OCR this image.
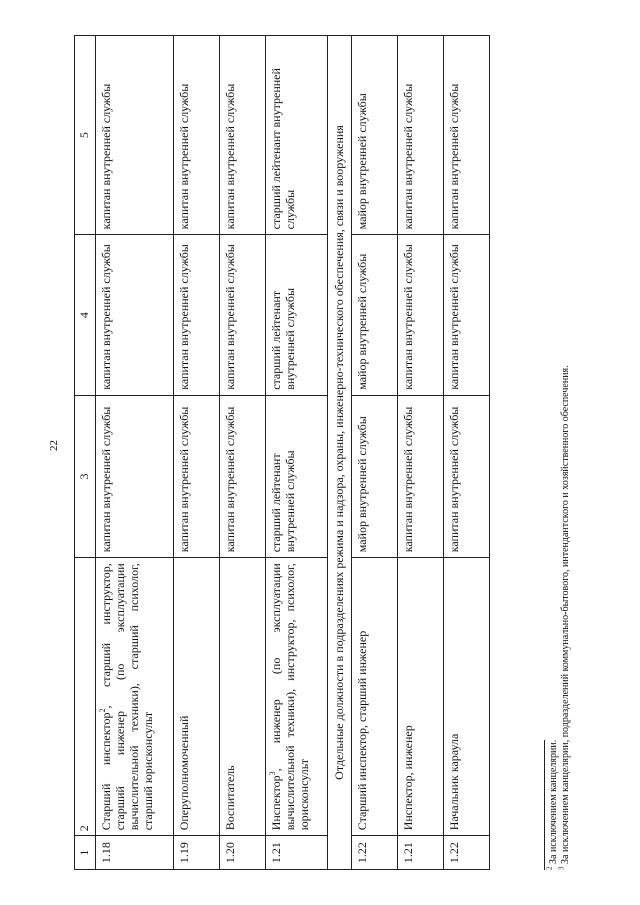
22
1	2	3	4	5
1.18	Старший инспектор$^2$, старший инструктор, старший инженер (по эксплуатации вычислительной техники), старший психолог, старший юрисконсульт	капитан внутренней службы	капитан внутренней службы	капитан внутренней службы
1.19	Оперуполномоченный	капитан внутренней службы	капитан внутренней службы	капитан внутренней службы
1.20	Воспитатель	капитан внутренней службы	капитан внутренней службы	капитан внутренней службы
1.21	Инспектор$^3$, инженер (по эксплуатации вычислительной техники), инструктор, психолог, юрисконсульт	старший лейтенант внутренней службы	старший лейтенант внутренней службы	старший лейтенант внутренней службы
Отдельные должности в подразделениях режима и надзора, охраны, инженерно-технического обеспечения, связи и вооружения				
1.22	Старший инспектор, старший инженер	майор внутренней службы	майор внутренней службы	майор внутренней службы
1.21	Инспектор, инженер	капитан внутренней службы	капитан внутренней службы	капитан внутренней службы
1.22	Начальник караула	капитан внутренней службы	капитан внутренней службы	капитан внутренней службы
$^2$ За исключением канцелярии.
$^3$ За исключением канцелярии, подразделений коммунально-бытового, интендантского и хозяйственного обеспечения.
